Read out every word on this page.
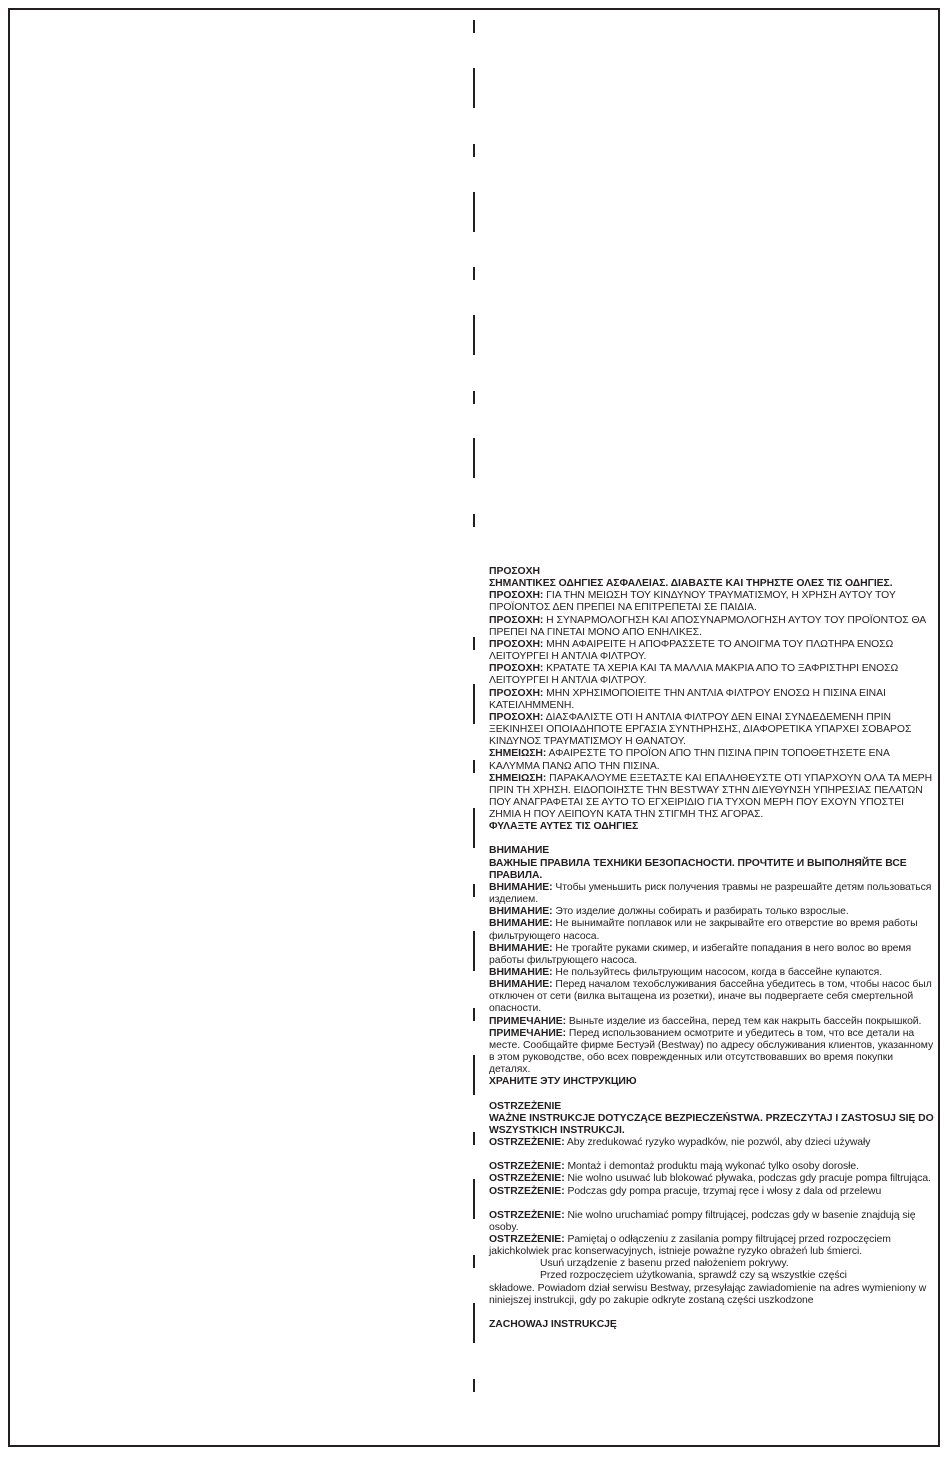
ΠΡΟΣΟΧΗ
ΣΗΜΑΝΤΙΚΕΣ ΟΔΗΓΙΕΣ ΑΣΦΑΛΕΙΑΣ. ΔΙΑΒΑΣΤΕ ΚΑΙ ΤΗΡΗΣΤΕ ΟΛΕΣ ΤΙΣ ΟΔΗΓΙΕΣ.
ΠΡΟΣΟΧΗ: ΓΙΑ ΤΗΝ ΜΕΙΩΣΗ ΤΟΥ ΚΙΝΔΥΝΟΥ ΤΡΑΥΜΑΤΙΣΜΟΥ, Η ΧΡΗΣΗ ΑΥΤΟΥ ΤΟΥ ΠΡΟΪΟΝΤΟΣ ΔΕΝ ΠΡΕΠΕΙ ΝΑ ΕΠΙΤΡΕΠΕΤΑΙ ΣΕ ΠΑΙΔΙΑ.
ΠΡΟΣΟΧΗ: Η ΣΥΝΑΡΜΟΛΟΓΗΣΗ ΚΑΙ ΑΠΟΣΥΝΑΡΜΟΛΟΓΗΣΗ ΑΥΤΟΥ ΤΟΥ ΠΡΟΪΟΝΤΟΣ ΘΑ ΠΡΕΠΕΙ ΝΑ ΓΙΝΕΤΑΙ ΜΟΝΟ ΑΠΟ ΕΝΗΛΙΚΕΣ.
ΠΡΟΣΟΧΗ: ΜΗΝ ΑΦΑΙΡΕΙΤΕ Η ΑΠΟΦΡΑΣΣΕΤΕ ΤΟ ΑΝΟΙΓΜΑ ΤΟΥ ΠΛΩΤΗΡΑ ΕΝΟΣΩ ΛΕΙΤΟΥΡΓΕΙ Η ΑΝΤΛΙΑ ΦΙΛΤΡΟΥ.
ΠΡΟΣΟΧΗ: ΚΡΑΤΑΤΕ ΤΑ ΧΕΡΙΑ ΚΑΙ ΤΑ ΜΑΛΛΙΑ ΜΑΚΡΙΑ ΑΠΟ ΤΟ ΞΑΦΡΙΣΤΗΡΙ ΕΝΟΣΩ ΛΕΙΤΟΥΡΓΕΙ Η ΑΝΤΛΙΑ ΦΙΛΤΡΟΥ.
ΠΡΟΣΟΧΗ: ΜΗΝ ΧΡΗΣΙΜΟΠΟΙΕΙΤΕ ΤΗΝ ΑΝΤΛΙΑ ΦΙΛΤΡΟΥ ΕΝΟΣΩ Η ΠΙΣΙΝΑ ΕΙΝΑΙ ΚΑΤΕΙΛΗΜΜΕΝΗ.
ΠΡΟΣΟΧΗ: ΔΙΑΣΦΑΛΙΣΤΕ ΟΤΙ Η ΑΝΤΛΙΑ ΦΙΛΤΡΟΥ ΔΕΝ ΕΙΝΑΙ ΣΥΝΔΕΔΕΜΕΝΗ ΠΡΙΝ ΞΕΚΙΝΗΣΕΙ ΟΠΟΙΑΔΗΠΟΤΕ ΕΡΓΑΣΙΑ ΣΥΝΤΗΡΗΣΗΣ, ΔΙΑΦΟΡΕΤΙΚΑ ΥΠΑΡΧΕΙ ΣΟΒΑΡΟΣ ΚΙΝΔΥΝΟΣ ΤΡΑΥΜΑΤΙΣΜΟΥ Η ΘΑΝΑΤΟΥ.
ΣΗΜΕΙΩΣΗ: ΑΦΑΙΡΕΣΤΕ ΤΟ ΠΡΟΪΟΝ ΑΠΟ ΤΗΝ ΠΙΣΙΝΑ ΠΡΙΝ ΤΟΠΟΘΕΤΗΣΕΤΕ ΕΝΑ ΚΑΛΥΜΜΑ ΠΑΝΩ ΑΠΟ ΤΗΝ ΠΙΣΙΝΑ.
ΣΗΜΕΙΩΣΗ: ΠΑΡΑΚΑΛΟΥΜΕ ΕΞΕΤΑΣΤΕ ΚΑΙ ΕΠΑΛΗΘΕΥΣΤΕ ΟΤΙ ΥΠΑΡΧΟΥΝ ΟΛΑ ΤΑ ΜΕΡΗ ΠΡΙΝ ΤΗ ΧΡΗΣΗ. ΕΙΔΟΠΟΙΗΣΤΕ ΤΗΝ BESTWAY ΣΤΗΝ ΔΙΕΥΘΥΝΣΗ ΥΠΗΡΕΣΙΑΣ ΠΕΛΑΤΩΝ ΠΟΥ ΑΝΑΓΡΑΦΕΤΑΙ ΣΕ ΑΥΤΟ ΤΟ ΕΓΧΕΙΡΙΔΙΟ ΓΙΑ ΤΥΧΟΝ ΜΕΡΗ ΠΟΥ ΕΧΟΥΝ ΥΠΟΣΤΕΙ ΖΗΜΙΑ Η ΠΟΥ ΛΕΙΠΟΥΝ ΚΑΤΑ ΤΗΝ ΣΤΙΓΜΗ ΤΗΣ ΑΓΟΡΑΣ.
ΦΥΛΑΞΤΕ ΑΥΤΕΣ ΤΙΣ ΟΔΗΓΙΕΣ
ВНИМАНИЕ
ВАЖНЫЕ ПРАВИЛА ТЕХНИКИ БЕЗОПАСНОСТИ. ПРОЧТИТЕ И ВЫПОЛНЯЙТЕ ВСЕ ПРАВИЛА.
ВНИМАНИЕ: Чтобы уменьшить риск получения травмы не разрешайте детям пользоваться изделием.
ВНИМАНИЕ: Это изделие должны собирать и разбирать только взрослые.
ВНИМАНИЕ: Не вынимайте поплавок или не закрывайте его отверстие во время работы фильтрующего насоса.
ВНИМАНИЕ: Не трогайте руками скимер, и избегайте попадания в него волос во время работы фильтрующего насоса.
ВНИМАНИЕ: Не пользуйтесь фильтрующим насосом, когда в бассейне купаются.
ВНИМАНИЕ: Перед началом техобслуживания бассейна убедитесь в том, чтобы насос был отключен от сети (вилка вытащена из розетки), иначе вы подвергаете себя смертельной опасности.
ПРИМЕЧАНИЕ: Выньте изделие из бассейна, перед тем как накрыть бассейн покрышкой.
ПРИМЕЧАНИЕ: Перед использованием осмотрите и убедитесь в том, что все детали на месте. Сообщайте фирме Бестуэй (Bestway) по адресу обслуживания клиентов, указанному в этом руководстве, обо всех поврежденных или отсутствовавших во время покупки деталях.
ХРАНИТЕ ЭТУ ИНСТРУКЦИЮ
OSTRZEŻENIE
WAŻNE INSTRUKCJE DOTYCZĄCE BEZPIECZEŃSTWA. PRZECZYTAJ I ZASTOSUJ SIĘ DO WSZYSTKICH INSTRUKCJI.
OSTRZEŻENIE: Aby zredukować ryzyko wypadków, nie pozwól, aby dzieci używały
OSTRZEŻENIE: Montaż i demontaż produktu mają wykonać tylko osoby dorosłe.
OSTRZEŻENIE: Nie wolno usuwać lub blokować pływaka, podczas gdy pracuje pompa filtrująca.
OSTRZEŻENIE: Podczas gdy pompa pracuje, trzymaj ręce i włosy z dala od przelewu
OSTRZEŻENIE: Nie wolno uruchamiać pompy filtrującej, podczas gdy w basenie znajdują się osoby.
OSTRZEŻENIE: Pamiętaj o odłączeniu z zasilania pompy filtrującej przed rozpoczęciem jakichkolwiek prac konserwacyjnych, istnieje poważne ryzyko obrażeń lub śmierci.
Usuń urządzenie z basenu przed nałożeniem pokrywy.
Przed rozpoczęciem użytkowania, sprawdź czy są wszystkie części
składowe. Powiadom dział serwisu Bestway, przesyłając zawiadomienie na adres wymieniony w niniejszej instrukcji, gdy po zakupie odkryte zostaną części uszkodzone
ZACHOWAJ INSTRUKCJĘ
